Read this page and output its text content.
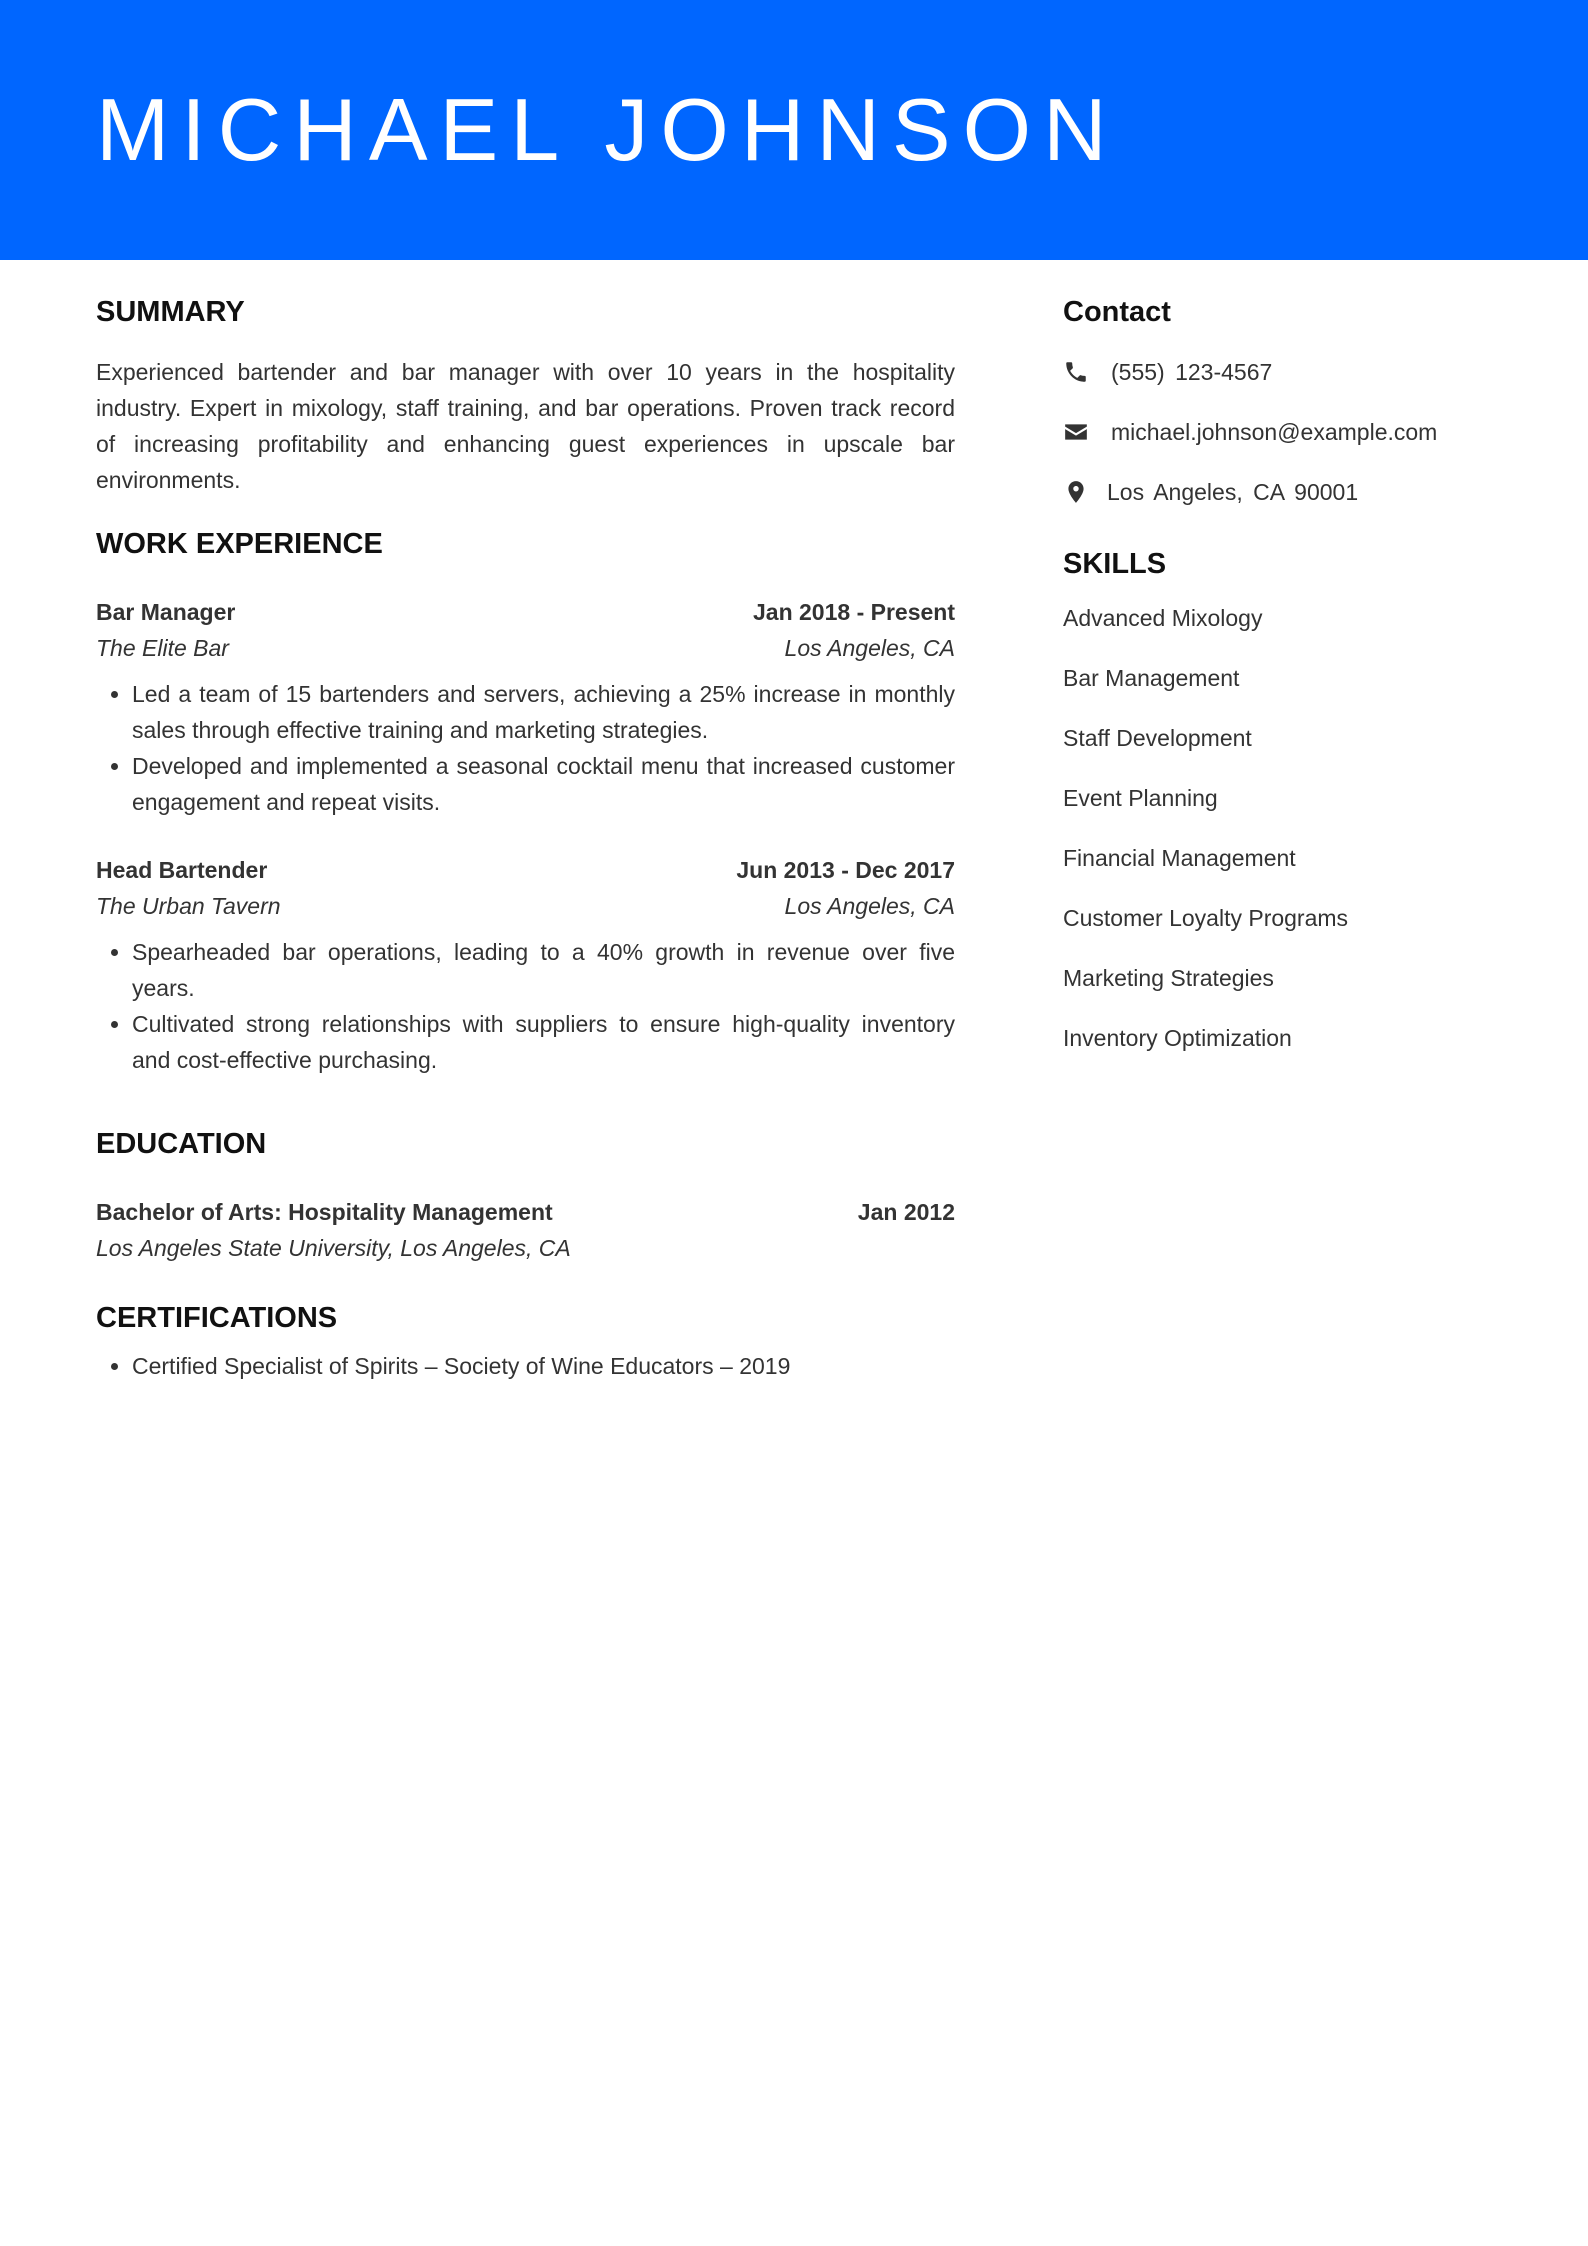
MICHAEL JOHNSON
SUMMARY

Experienced bartender and bar manager with over 10 years in the hospitality industry. Expert in mixology, staff training, and bar operations. Proven track record of increasing profitability and enhancing guest experiences in upscale bar environments.

WORK EXPERIENCE
Bar Manager	Jan 2018 - Present
The Elite Bar	Los Angeles, CA
• Led a team of 15 bartenders and servers, achieving a 25% increase in monthly sales through effective training and marketing strategies.
• Developed and implemented a seasonal cocktail menu that increased customer engagement and repeat visits.
Head Bartender	Jun 2013 - Dec 2017
The Urban Tavern	Los Angeles, CA
• Spearheaded bar operations, leading to a 40% growth in revenue over five years.
• Cultivated strong relationships with suppliers to ensure high-quality inventory and cost-effective purchasing.
EDUCATION
Bachelor of Arts: Hospitality Management	Jan 2012
Los Angeles State University, Los Angeles, CA
CERTIFICATIONS
• Certified Specialist of Spirits – Society of Wine Educators – 2019
Contact
(555) 123-4567
michael.johnson@example.com
Los Angeles, CA 90001
SKILLS
Advanced Mixology
Bar Management
Staff Development
Event Planning
Financial Management
Customer Loyalty Programs
Marketing Strategies
Inventory Optimization
